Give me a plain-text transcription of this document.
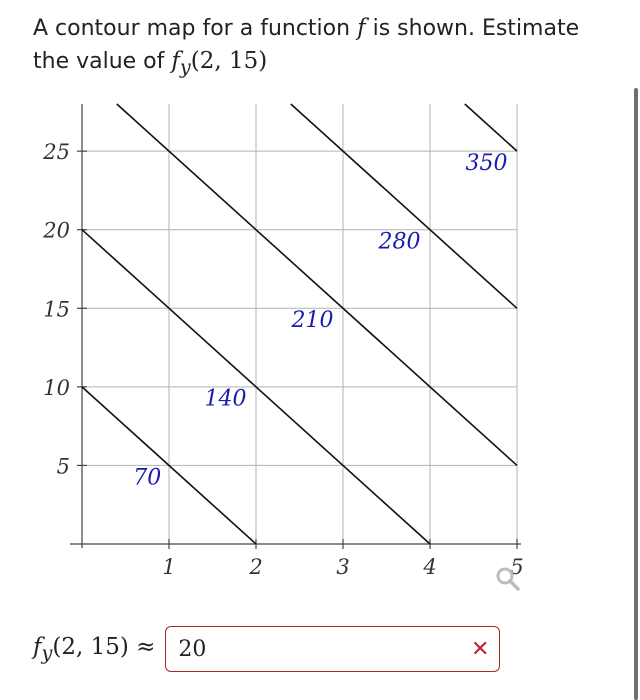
A contour map for a function f is shown. Estimate the value of $f_y(2$, 15)
1	2	3	4	5
5
10
15
20
25
70
140
210
280
350
$f_y(2$, 15) ≈ 20	✕
